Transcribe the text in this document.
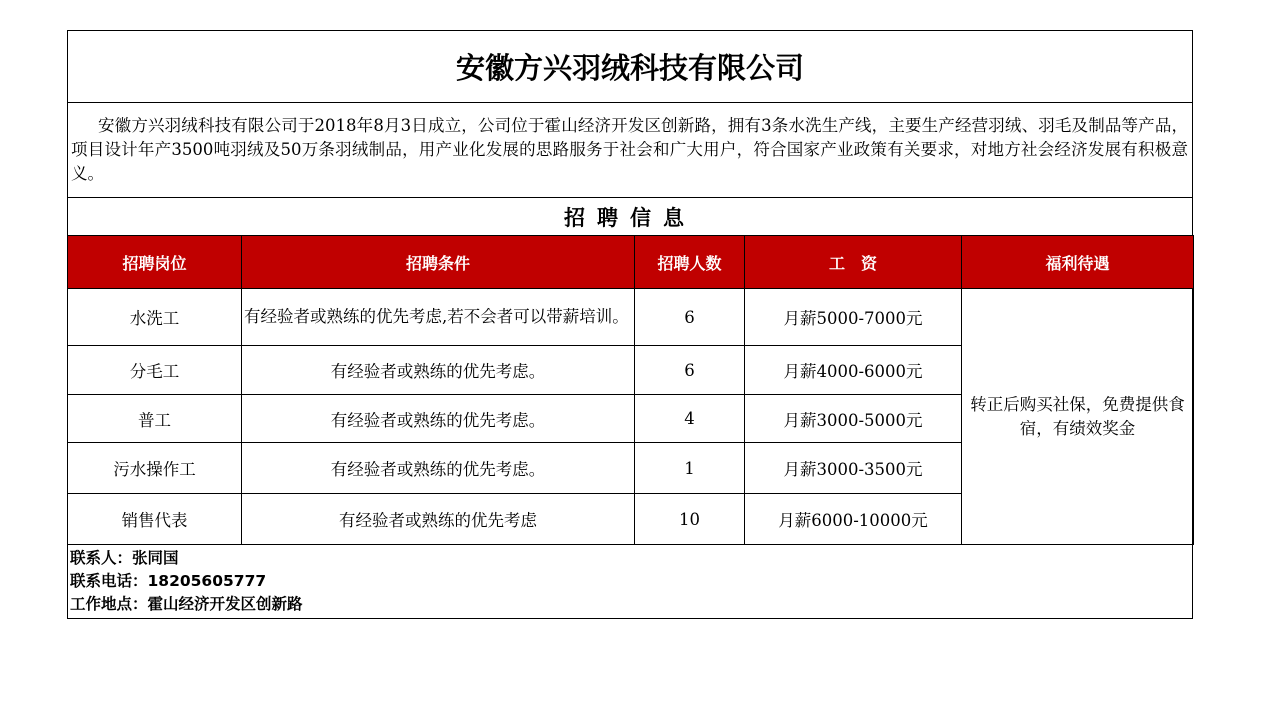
安徽方兴羽绒科技有限公司
安徽方兴羽绒科技有限公司于2018年8月3日成立，公司位于霍山经济开发区创新路，拥有3条水洗生产线，主要生产经营羽绒、羽毛及制品等产品，项目设计年产3500吨羽绒及50万条羽绒制品，用产业化发展的思路服务于社会和广大用户，符合国家产业政策有关要求，对地方社会经济发展有积极意义。
招聘信息
招聘岗位	招聘条件	招聘人数	工　资	福利待遇
水洗工	有经验者或熟练的优先考虑,若不会者可以带薪培训。	6	月薪5000-7000元	转正后购买社保，免费提供食宿，有绩效奖金
分毛工	有经验者或熟练的优先考虑。	6	月薪4000-6000元	
普工	有经验者或熟练的优先考虑。	4	月薪3000-5000元	
污水操作工	有经验者或熟练的优先考虑。	1	月薪3000-3500元	
销售代表	有经验者或熟练的优先考虑	10	月薪6000-10000元	
联系人：张同国
联系电话：18205605777
工作地点：霍山经济开发区创新路
